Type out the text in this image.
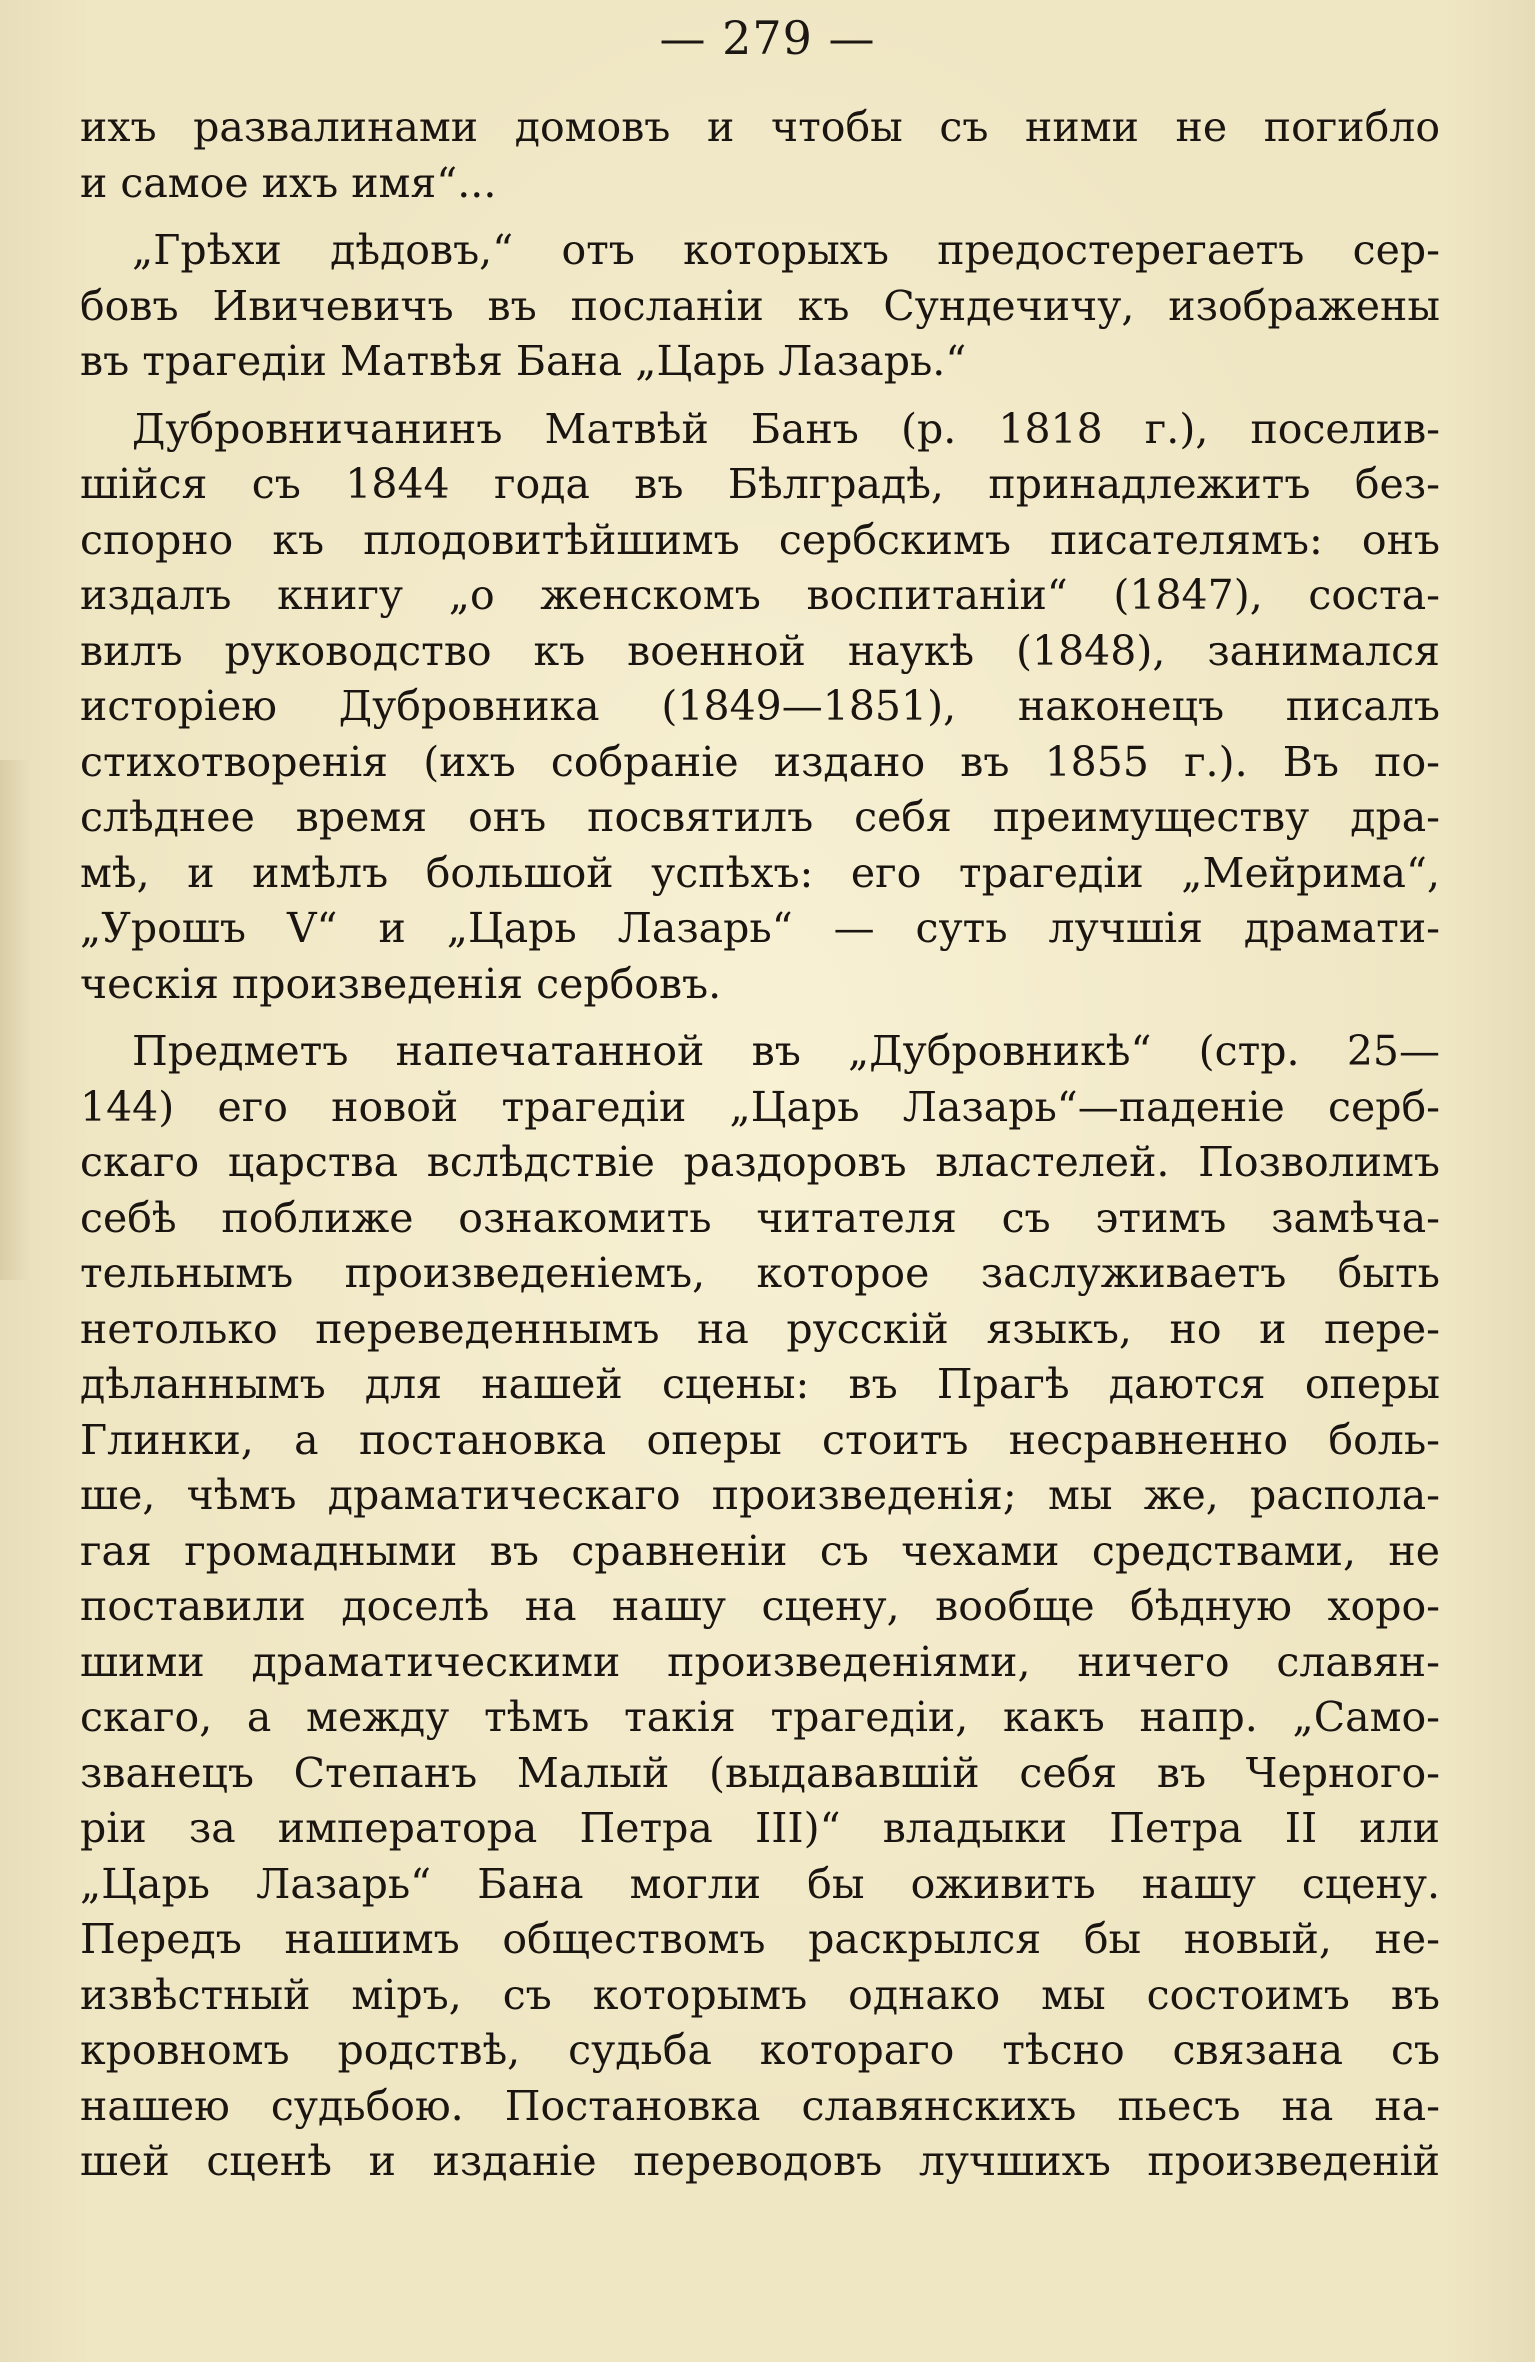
— 279 —
ихъ развалинами домовъ и чтобы съ ними не погибло
и самое ихъ имя“...
„Грѣхи дѣдовъ,“ отъ которыхъ предостерегаетъ сер-
бовъ Ивичевичъ въ посланіи къ Сундечичу, изображены
въ трагедіи Матвѣя Бана „Царь Лазарь.“
Дубровничанинъ Матвѣй Банъ (р. 1818 г.), поселив-
шійся съ 1844 года въ Бѣлградѣ, принадлежитъ без-
спорно къ плодовитѣйшимъ сербскимъ писателямъ: онъ
издалъ книгу „о женскомъ воспитаніи“ (1847), соста-
вилъ руководство къ военной наукѣ (1848), занимался
исторіею Дубровника (1849—1851), наконецъ писалъ
стихотворенія (ихъ собраніе издано въ 1855 г.). Въ по-
слѣднее время онъ посвятилъ себя преимуществу дра-
мѣ, и имѣлъ большой успѣхъ: его трагедіи „Мейрима“,
„Урошъ V“ и „Царь Лазарь“ — суть лучшія драмати-
ческія произведенія сербовъ.
Предметъ напечатанной въ „Дубровникѣ“ (стр. 25—
144) его новой трагедіи „Царь Лазарь“—паденіе серб-
скаго царства вслѣдствіе раздоровъ властелей. Позволимъ
себѣ поближе ознакомить читателя съ этимъ замѣча-
тельнымъ произведеніемъ, которое заслуживаетъ быть
нетолько переведеннымъ на русскій языкъ, но и пере-
дѣланнымъ для нашей сцены: въ Прагѣ даются оперы
Глинки, а постановка оперы стоитъ несравненно боль-
ше, чѣмъ драматическаго произведенія; мы же, распола-
гая громадными въ сравненіи съ чехами средствами, не
поставили доселѣ на нашу сцену, вообще бѣдную хоро-
шими драматическими произведеніями, ничего славян-
скаго, а между тѣмъ такія трагедіи, какъ напр. „Само-
званецъ Степанъ Малый (выдававшій себя въ Черного-
ріи за императора Петра III)“ владыки Петра II или
„Царь Лазарь“ Бана могли бы оживить нашу сцену.
Передъ нашимъ обществомъ раскрылся бы новый, не-
извѣстный міръ, съ которымъ однако мы состоимъ въ
кровномъ родствѣ, судьба котораго тѣсно связана съ
нашею судьбою. Постановка славянскихъ пьесъ на на-
шей сценѣ и изданіе переводовъ лучшихъ произведеній
